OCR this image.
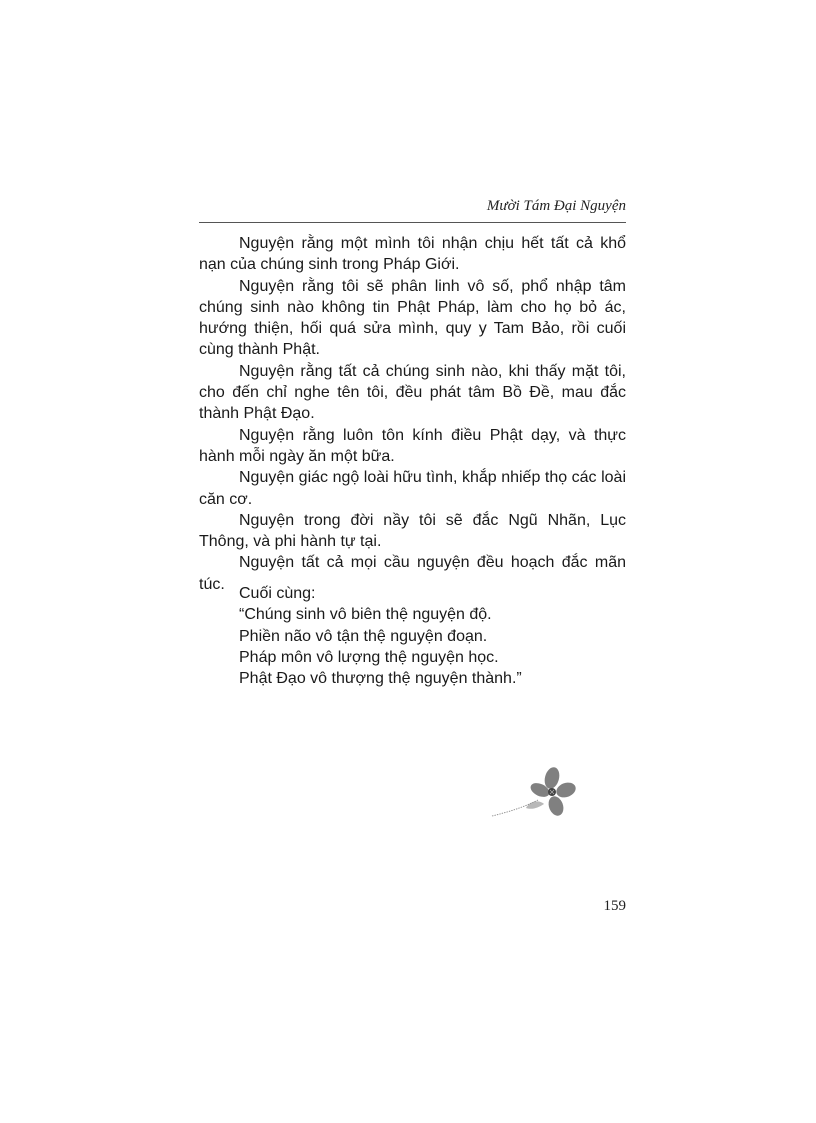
Mười Tám Đại Nguyện

Nguyện rằng một mình tôi nhận chịu hết tất cả khổ nạn của chúng sinh trong Pháp Giới.

Nguyện rằng tôi sẽ phân linh vô số, phổ nhập tâm chúng sinh nào không tin Phật Pháp, làm cho họ bỏ ác, hướng thiện, hối quá sửa mình, quy y Tam Bảo, rồi cuối cùng thành Phật.

Nguyện rằng tất cả chúng sinh nào, khi thấy mặt tôi, cho đến chỉ nghe tên tôi, đều phát tâm Bồ Đề, mau đắc thành Phật Đạo.

Nguyện rằng luôn tôn kính điều Phật dạy, và thực hành mỗi ngày ăn một bữa.

Nguyện giác ngộ loài hữu tình, khắp nhiếp thọ các loài căn cơ.

Nguyện trong đời nầy tôi sẽ đắc Ngũ Nhãn, Lục Thông, và phi hành tự tại.

Nguyện tất cả mọi cầu nguyện đều hoạch đắc mãn túc.

Cuối cùng:
“Chúng sinh vô biên thệ nguyện độ.
Phiền não vô tận thệ nguyện đoạn.
Pháp môn vô lượng thệ nguyện học.
Phật Đạo vô thượng thệ nguyện thành.”
159
